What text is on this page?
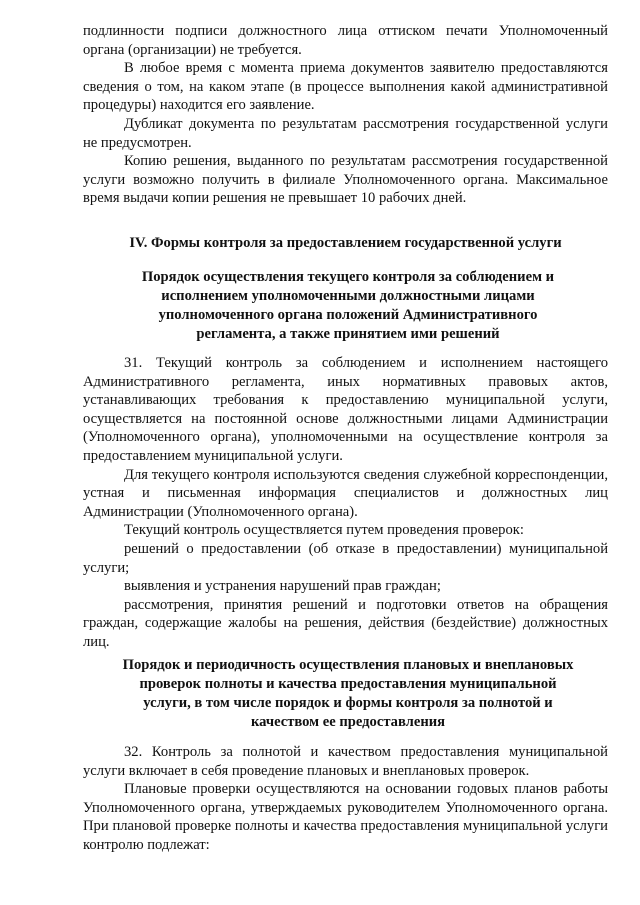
подлинности подписи должностного лица оттиском печати Уполномоченный органа (организации) не требуется.

В любое время с момента приема документов заявителю предоставляются сведения о том, на каком этапе (в процессе выполнения какой административной процедуры) находится его заявление.

Дубликат документа по результатам рассмотрения государственной услуги не предусмотрен.

Копию решения, выданного по результатам рассмотрения государственной услуги возможно получить в филиале Уполномоченного органа. Максимальное время выдачи копии решения не превышает 10 рабочих дней.

IV. Формы контроля за предоставлением государственной услуги

Порядок осуществления текущего контроля за соблюдением и исполнением уполномоченными должностными лицами уполномоченного органа положений Административного регламента, а также принятием ими решений

31. Текущий контроль за соблюдением и исполнением настоящего Административного регламента, иных нормативных правовых актов, устанавливающих требования к предоставлению муниципальной услуги, осуществляется на постоянной основе должностными лицами Администрации (Уполномоченного органа), уполномоченными на осуществление контроля за предоставлением муниципальной услуги.

Для текущего контроля используются сведения служебной корреспонденции, устная и письменная информация специалистов и должностных лиц Администрации (Уполномоченного органа).

Текущий контроль осуществляется путем проведения проверок:

решений о предоставлении (об отказе в предоставлении) муниципальной услуги;

выявления и устранения нарушений прав граждан;

рассмотрения, принятия решений и подготовки ответов на обращения граждан, содержащие жалобы на решения, действия (бездействие) должностных лиц.

Порядок и периодичность осуществления плановых и внеплановых проверок полноты и качества предоставления муниципальной услуги, в том числе порядок и формы контроля за полнотой и качеством ее предоставления

32. Контроль за полнотой и качеством предоставления муниципальной услуги включает в себя проведение плановых и внеплановых проверок.

Плановые проверки осуществляются на основании годовых планов работы Уполномоченного органа, утверждаемых руководителем Уполномоченного органа. При плановой проверке полноты и качества предоставления муниципальной услуги контролю подлежат:
